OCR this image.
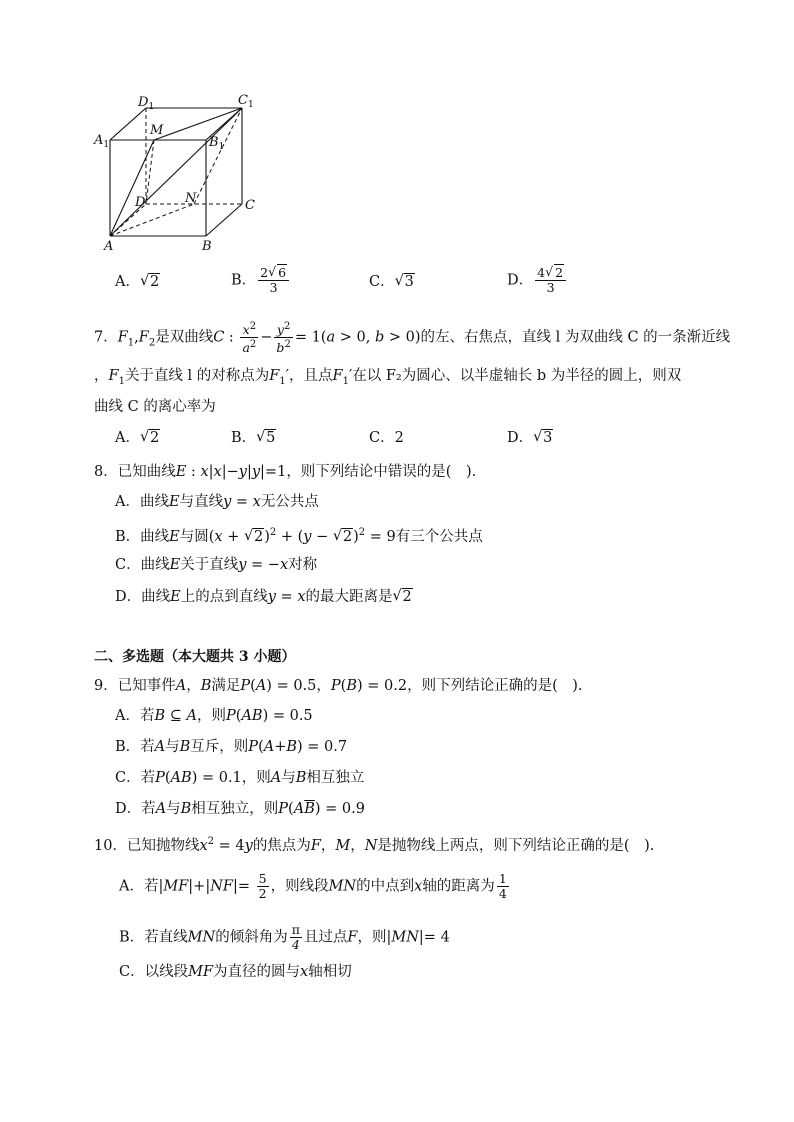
$D_1$	$C_1$
$A_1$	$B_1$
M
N
D	C
A	B
A． √ 2	B． $\frac{2 √ 6}{3}$	C． √ 3	D． $\frac{4 √ 2}{3}$
7．$F_1,F_2$是双曲线C : $\frac{x^2}{a^2} - \frac{y^2}{b^2} = 1(a > 0$, b > 0)的左、右焦点，直线 l 为双曲线 C 的一条渐近线
，$F_1$关于直线 l 的对称点为$F_1'$，且点$F_1'$在以 F₂为圆心、以半虚轴长 b 为半径的圆上，则双
曲线 C 的离心率为
A． √ 2	B． √ 5	C．2	D． √ 3
8．已知曲线E : x|x|−y|y|=1，则下列结论中错误的是(　).
A．曲线E与直线y = x无公共点
B．曲线E与圆(x + √ 2)$^2$ + (y − √ 2)$^2$ = 9有三个公共点
C．曲线E关于直线y = −x对称
D．曲线E上的点到直线y = x的最大距离是 √ 2
二、多选题（本大题共 3 小题）
9．已知事件A，B满足P(A) = 0.5，P(B) = 0.2，则下列结论正确的是(　).
A．若B ⊆ A，则P(AB) = 0.5
B．若A与B互斥，则P(A+B) = 0.7
C．若P(AB) = 0.1，则A与B相互独立
D．若A与B相互独立，则$P(A\overline{B}) = 0.9$
10．已知抛物线$x^2 = 4y$的焦点为F，M，N是抛物线上两点，则下列结论正确的是(　).
A．若$|MF|+|NF|= \frac{5}{2}$ ，则线段MN的中点到x轴的距离为 $\frac{1}{4}$
B．若直线MN的倾斜角为 $\frac{\pi}{4}$ 且过点F，则|MN|= 4
C．以线段MF为直径的圆与x轴相切
